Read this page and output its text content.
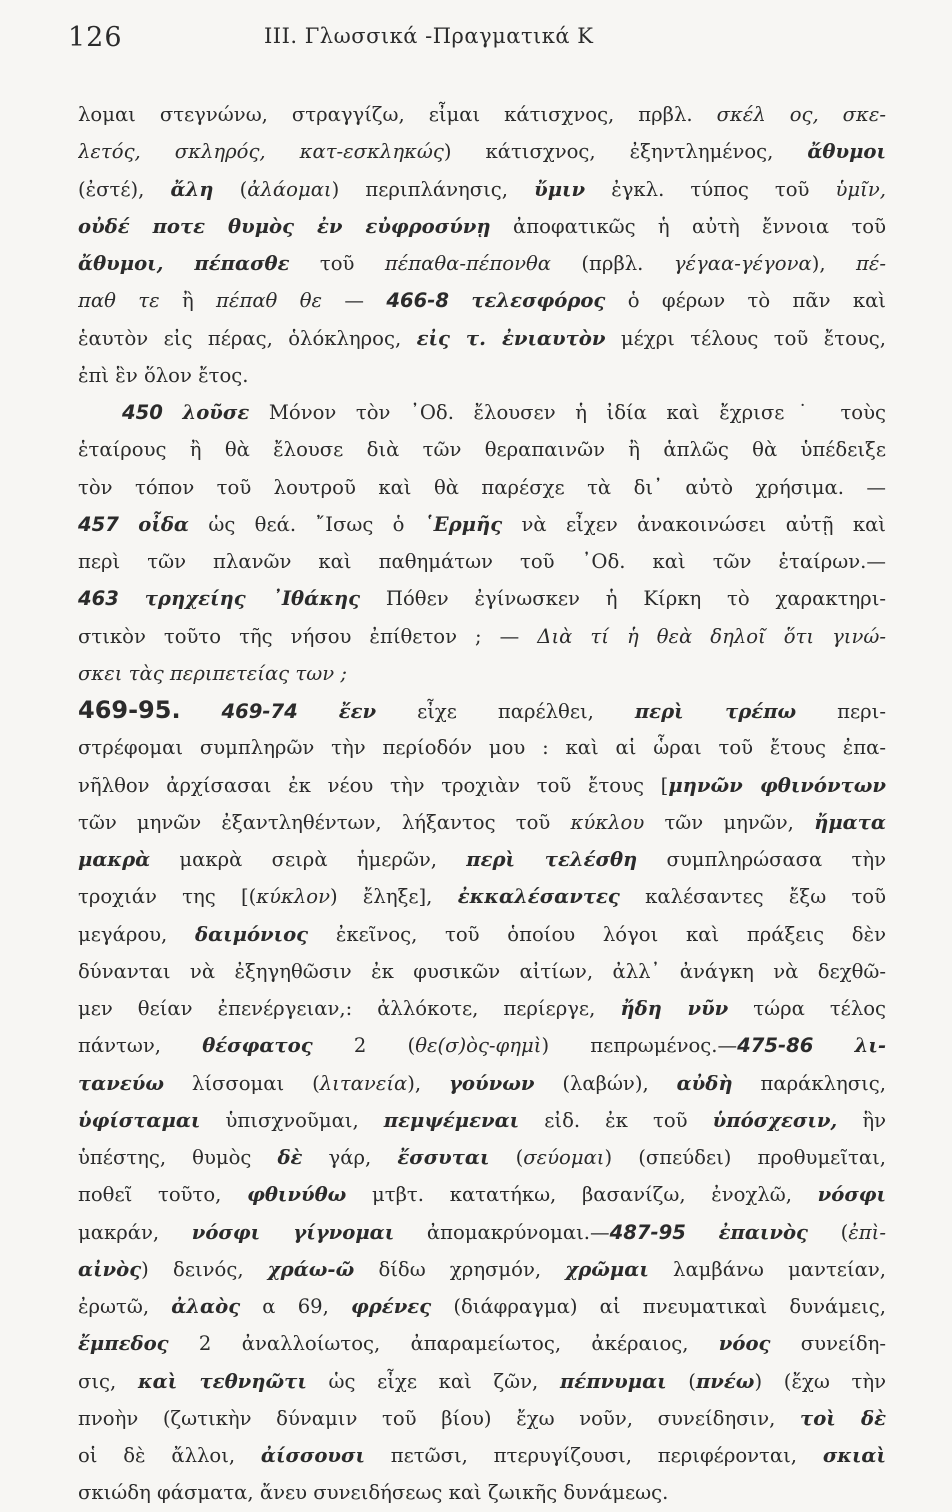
126	III. Γλωσσικά -Πραγματικά Κ
λομαι στεγνώνω, στραγγίζω, εἶμαι κάτισχνος, πρβλ. σκέλ ος, σκε-
λετός, σκληρός, κατ-εσκληκώς) κάτισχνος, ἐξηντλημένος, ἄθυμοι
(ἐστέ), ἄλη (ἀλάομαι) περιπλάνησις, ὔμιν ἐγκλ. τύπος τοῦ ὑμῖν,
οὐδέ ποτε θυμὸς ἐν εὐφροσύνῃ ἀποφατικῶς ἡ αὐτὴ ἔννοια τοῦ
ἄθυμοι, πέπασθε τοῦ πέπαθα-πέπονθα (πρβλ. γέγαα-γέγονα), πέ-
παθ τε ἢ πέπαθ θε — 466-8 τελεσφόρος ὁ φέρων τὸ πᾶν καὶ
ἑαυτὸν εἰς πέρας, ὁλόκληρος, εἰς τ. ἐνιαυτὸν μέχρι τέλους τοῦ ἔτους,
ἐπὶ ἓν ὅλον ἔτος.
450 λοῦσε Μόνον τὸν ᾿Οδ. ἔλουσεν ἡ ἰδία καὶ ἔχρισε˙ τοὺς
ἑταίρους ἢ θὰ ἔλουσε διὰ τῶν θεραπαινῶν ἢ ἁπλῶς θὰ ὑπέδειξε
τὸν τόπον τοῦ λουτροῦ καὶ θὰ παρέσχε τὰ δι᾿ αὐτὸ χρήσιμα. —
457 οἶδα ὡς θεά. ῎Ισως ὁ ῾Ερμῆς νὰ εἶχεν ἀνακοινώσει αὐτῇ καὶ
περὶ τῶν πλανῶν καὶ παθημάτων τοῦ ᾿Οδ. καὶ τῶν ἑταίρων.—
463 τρηχείης ᾿Ιθάκης Πόθεν ἐγίνωσκεν ἡ Κίρκη τὸ χαρακτηρι-
στικὸν τοῦτο τῆς νήσου ἐπίθετον ; — Διὰ τί ἡ θεὰ δηλοῖ ὅτι γινώ-
σκει τὰς περιπετείας των ;
469-95. 469-74 ἔεν εἶχε παρέλθει, περὶ τρέπω περι-
στρέφομαι συμπληρῶν τὴν περίοδόν μου : καὶ αἱ ὧραι τοῦ ἔτους ἐπα-
νῆλθον ἀρχίσασαι ἐκ νέου τὴν τροχιὰν τοῦ ἔτους [μηνῶν φθινόντων
τῶν μηνῶν ἐξαντληθέντων, λήξαντος τοῦ κύκλου τῶν μηνῶν, ἤματα
μακρὰ μακρὰ σειρὰ ἡμερῶν, περὶ τελέσθη συμπληρώσασα τὴν
τροχιάν της [(κύκλον) ἔληξε], ἐκκαλέσαντες καλέσαντες ἔξω τοῦ
μεγάρου, δαιμόνιος ἐκεῖνος, τοῦ ὁποίου λόγοι καὶ πράξεις δὲν
δύνανται νὰ ἐξηγηθῶσιν ἐκ φυσικῶν αἰτίων, ἀλλ᾿ ἀνάγκη νὰ δεχθῶ-
μεν θείαν ἐπενέργειαν,: ἀλλόκοτε, περίεργε, ἤδη νῦν τώρα τέλος
πάντων, θέσφατος 2 (θε(σ)ὸς-φημὶ) πεπρωμένος.—475-86 λι-
τανεύω λίσσομαι (λιτανεία), γούνων (λαβών), αὐδὴ παράκλησις,
ὑφίσταμαι ὑπισχνοῦμαι, πεμψέμεναι εἰδ. ἐκ τοῦ ὑπόσχεσιν, ἣν
ὑπέστης, θυμὸς δὲ γάρ, ἔσσυται (σεύομαι) (σπεύδει) προθυμεῖται,
ποθεῖ τοῦτο, φθινύθω μτβτ. κατατήκω, βασανίζω, ἐνοχλῶ, νόσφι
μακράν, νόσφι γίγνομαι ἀπομακρύνομαι.—487-95 ἐπαινὸς (ἐπὶ-
αἰνὸς) δεινός, χράω-ῶ δίδω χρησμόν, χρῶμαι λαμβάνω μαντείαν,
ἐρωτῶ, ἀλαὸς α 69, φρένες (διάφραγμα) αἱ πνευματικαὶ δυνάμεις,
ἔμπεδος 2 ἀναλλοίωτος, ἀπαραμείωτος, ἀκέραιος, νόος συνείδη-
σις, καὶ τεθνηῶτι ὡς εἶχε καὶ ζῶν, πέπνυμαι (πνέω) (ἔχω τὴν
πνοὴν (ζωτικὴν δύναμιν τοῦ βίου) ἔχω νοῦν, συνείδησιν, τοὶ δὲ
οἱ δὲ ἄλλοι, ἀίσσουσι πετῶσι, πτερυγίζουσι, περιφέρονται, σκιαὶ
σκιώδη φάσματα, ἄνευ συνειδήσεως καὶ ζωικῆς δυνάμεως.
